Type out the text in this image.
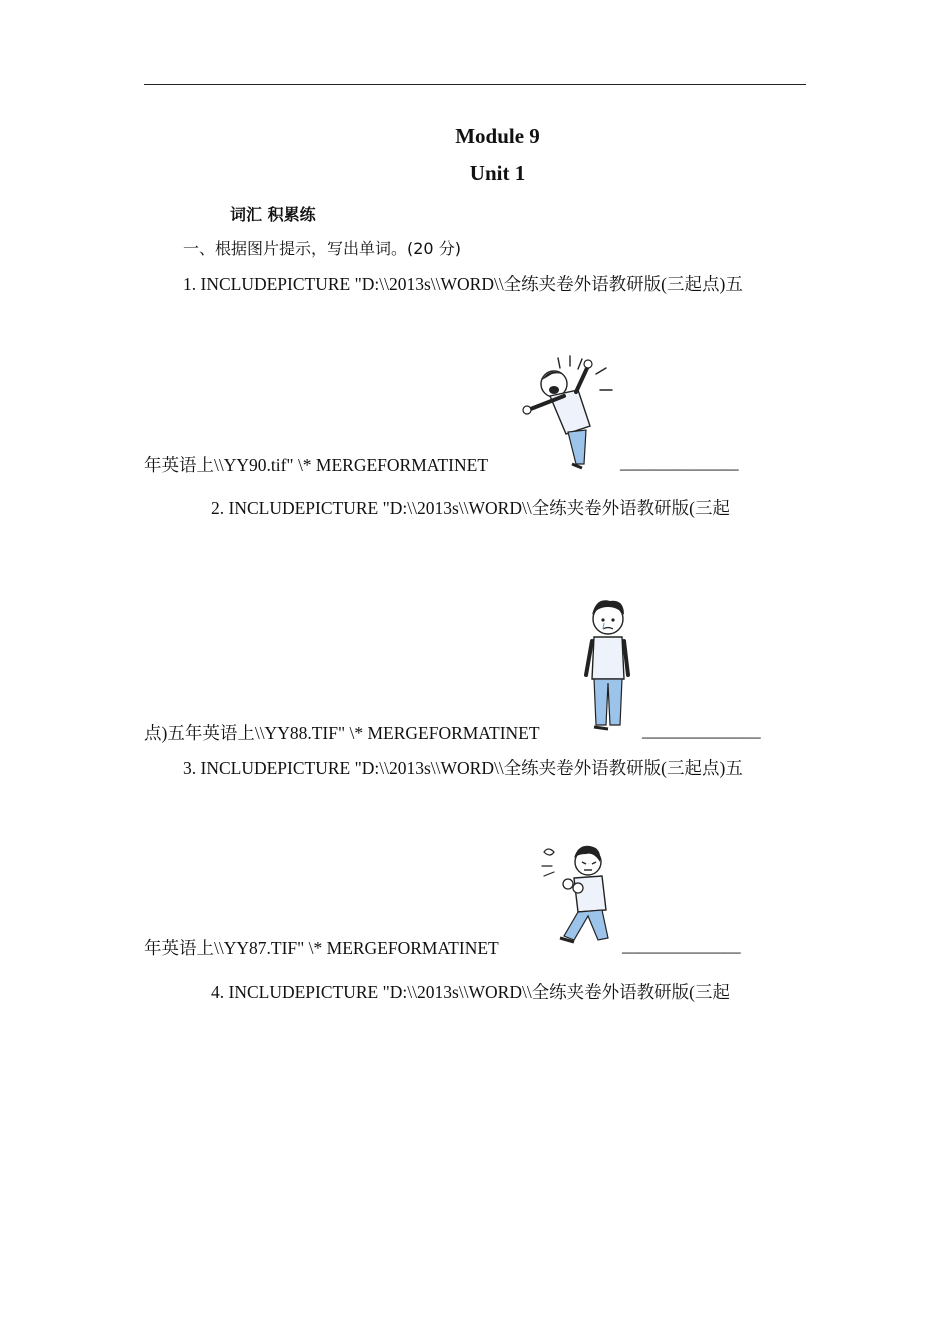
Module 9
Unit 1
词汇 积累练
一、根据图片提示，写出单词。(20 分)
1. INCLUDEPICTURE "D:\\2013s\\WORD\\全练夹卷外语教研版(三起点)五
年英语上\\YY90.tif" \* MERGEFORMATINET	______________
2. INCLUDEPICTURE "D:\\2013s\\WORD\\全练夹卷外语教研版(三起
点)五年英语上\\YY88.TIF" \* MERGEFORMATINET	______________
3. INCLUDEPICTURE "D:\\2013s\\WORD\\全练夹卷外语教研版(三起点)五
年英语上\\YY87.TIF" \* MERGEFORMATINET	______________
4. INCLUDEPICTURE "D:\\2013s\\WORD\\全练夹卷外语教研版(三起
